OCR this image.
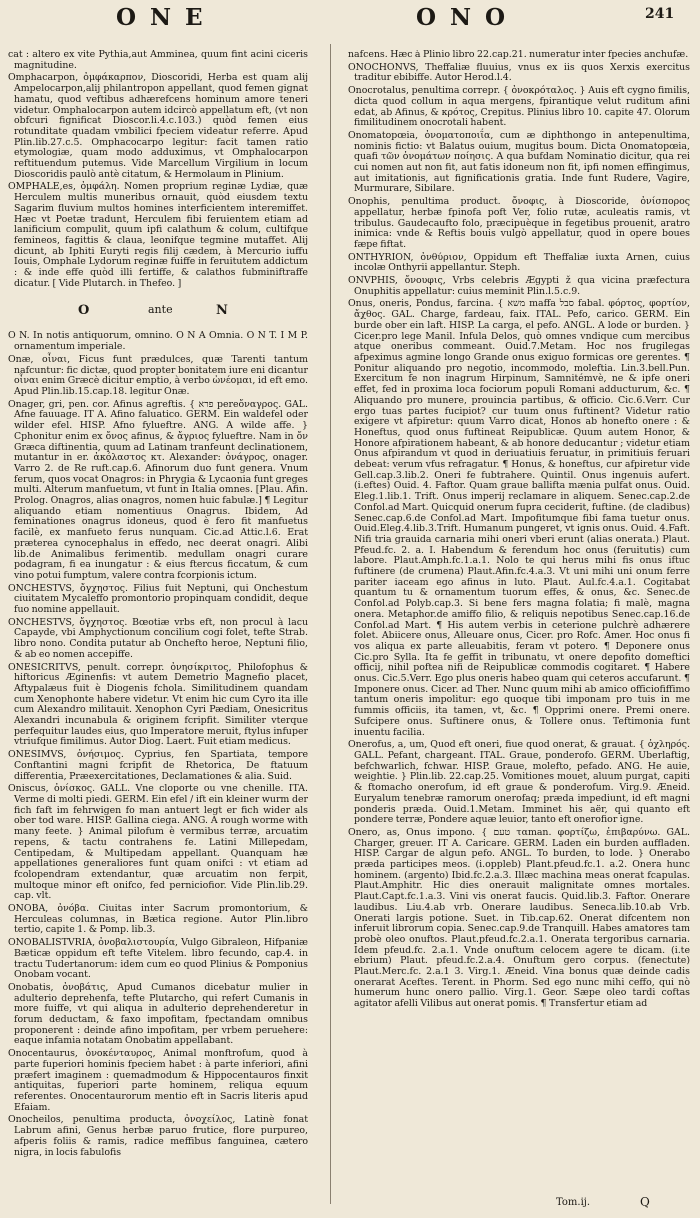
ONE	ONO	241

cat : altero ex vite Pythia,aut Amminea, quum fint acini ciceris magnitudine.

Omphacarpon, ὀμφάκαρπον, Dioscoridi, Herba est quam alij Ampelocarpon,alij philantropon appellant, quod femen gignat hamatu, quod veftibus adhærefcens hominum amore teneri videtur. Omphalocarpon autem idcircò appellatum eft, (vt non obfcuri fignificat Dioscor.li.4.c.103.) quòd femen eius rotunditate quadam vmbilici fpeciem videatur referre. Apud Plin.lib.27.c.5. Omphacocarpo legitur: facit tamen ratio etymologiæ, quam modo adduximus, vt Omphalocarpon reftituendum putemus. Vide Marcellum Virgilium in locum Dioscoridis paulò antè citatum, & Hermolaum in Plinium.

OMPHALE,es, ὀμφάλη. Nomen proprium reginæ Lydiæ, quæ Herculem multis muneribus ornauit, quòd eiusdem textu Sagarim fluvium multos homines interficientem interemiffet. Hæc vt Poetæ tradunt, Herculem fibi feruientem etiam ad lanificium compulit, quum ipfi calathum & colum, cultifque femineos, fagittis & claua, leonifque tegmine mutaffet. Alij dicunt, ab Iphiti Euryti regis filij cædem, à Mercurio iuffu Iouis, Omphale Lydorum reginæ fuiffe in feruitutem addictum : & inde effe quòd illi fertiffe, & calathos fubminiftraffe dicatur. [ Vide Plutarch. in Thefeo. ]

O	ante	N

O N. In notis antiquorum, omnino. O N A Omnia. O N T. I M P. ornamentum imperiale.

Onæ, οἶναι, Ficus funt prædulces, quæ Tarenti tantum nafcuntur: fic dictæ, quod propter bonitatem iure eni dicantur οἶναι enim Græcè dicitur emptio, à verbo ὠνέομαι, id eft emo. Apud Plin.lib.15.cap.18. legitur Onæ.

Onager, gri, pen. cor. Afinus agreftis. { פרא pereὄναγρος. GAL. Afne fauuage. IT A. Afino faluatico. GERM. Ein waldefel oder wilder efel. HISP. Afno fylueftre. ANG. A wilde affe. } Cphonitur enim ex ὄνος afinus, & ἄγριος fylueftre. Nam in ὄν Græca diftinentia, quum ad Latinam tranfeunt declinationem, mutantur in er. ἀκόλαστος κτ. Alexander: ὀνάγρος, onager. Varro 2. de Re ruft.cap.6. Afinorum duo funt genera. Vnum ferum, quos vocat Onagros: in Phrygia & Lycaonia funt greges multi. Alterum manfuetum, vt funt in Italia omnes. [Plau. Afin. Prolog. Onagros, alias onagros, nomen huic fabulæ.] ¶ Legitur aliquando etiam nomentiuus Onagrus. Ibidem, Ad feminationes onagrus idoneus, quod è fero fit manfuetus facilè, ex manfueto ferus nunquam. Cic.ad Attic.l.6. Erat præterea cynocephalus in effedo, nec deerat onagri. Alibi lib.de Animalibus ferimentib. medullam onagri curare podagram, fi ea inungatur : & eius ftercus ficcatum, & cum vino potui fumptum, valere contra fcorpionis ictum.

ONCHESTVS, ὄγχηστος. Filius fuit Neptuni, qui Onchestum ciuitatem Mycaleffo promontorio propinquam condidit, deque fuo nomine appellauit.

ONCHESTVS, ὄγχηστος. Bœotiæ vrbs eft, non procul à lacu Capayde, vbi Amphyctionum concilium cogi folet, tefte Strab. libro nono. Condita putatur ab Onchefto heroe, Neptuni filio, & ab eo nomen accepiffe.

ONESICRITVS, penult. correpr. ὀνησίκριτος, Philofophus & hiftoricus Æginenfis: vt autem Demetrio Magnefio placet, Aftypalæus fuit è Diogenis fchola. Similitudinem quandam cum Xenophonte habere videtur. Vt enim hic cum Cyro ita ille cum Alexandro militauit. Xenophon Cyri Pædiam, Onesicritus Alexandri incunabula & originem fcripfit. Similiter vterque perfequitur laudes eius, quo Imperatore meruit, ftylus infuper vtriufque fimilimus. Autor Diog. Laert. Fuit etiam medicus.

ONESIMVS, ὀνήσιμος. Cyprius, fen Spartiata, tempore Conftantini magni fcripfit de Rhetorica, De ftatuum differentia, Præexercitationes, Declamationes & alia. Suid.

Oniscus, ὀνίσκος. GALL. Vne cloporte ou vne chenille. ITA. Verme di molti piedi. GERM. Ein efel / ift ein kleiner wurm der fich faft im fehrwigen fo man antuert legt er fich wider als ober tod ware. HISP. Gallina ciega. ANG. A rough worme with many feete. } Animal pilofum è vermibus terræ, arcuatim repens, & tactu contrahens fe. Latini Millepedam, Centipedam, & Multipedam appellant. Quanquam hæ appellationes generaliores funt quam onifci : vt etiam ad fcolopendram extendantur, quæ arcuatim non ferpit, multoque minor eft onifco, fed perniciofior. Vide Plin.lib.29. cap. vlt.

ONOBA, ὀνόβα. Ciuitas inter Sacrum promontorium, & Herculeas columnas, in Bætica regione. Autor Plin.libro tertio, capite 1. & Pomp. lib.3.

ONOBALISTVRIA, ὀνοβαλιστουρία, Vulgo Gibraleon, Hifpaniæ Bæticæ oppidum eft tefte Vitelem. libro fecundo, cap.4. in tractu Tudertanorum: idem cum eo quod Plinius & Pomponius Onobam vocant.

Onobatis, ὀνοβάτις, Apud Cumanos dicebatur mulier in adulterio deprehenfa, tefte Plutarcho, qui refert Cumanis in more fuiffe, vt qui aliqua in adulterio deprehenderetur in forum deductam, & faxo impofitam, fpectandam omnibus proponerent : deinde afino impofitam, per vrbem peruehere: eaque infamia notatam Onobatim appellabant.

Onocentaurus, ὀνοκένταυρος, Animal monftrofum, quod à parte fuperiori hominis fpeciem habet : à parte inferiori, afini præfert imaginem : quemadmodum & Hippocentauros finxit antiquitas, fuperiori parte hominem, reliqua equum referentes. Onocentaurorum mentio eft in Sacris literis apud Efaiam.

Onocheilos, penultima producta, ὀνοχείλος, Latinè fonat Labrum afini, Genus herbæ paruo frutice, flore purpureo, afperis foliis & ramis, radice meffibus fanguinea, cætero nigra, in locis fabulofis

nafcens. Hæc à Plinio libro 22.cap.21. numeratur inter fpecies anchufæ.

ONOCHONVS, Theffaliæ fluuius, vnus ex iis quos Xerxis exercitus traditur ebibiffe. Autor Herod.l.4.

Onocrotalus, penultima correpr. { ὀνοκρόταλος. } Auis eft cygno fimilis, dicta quod collum in aqua mergens, fpirantique velut ruditum afini edat, ab Afinus, & κρότος, Crepitus. Plinius libro 10. capite 47. Olorum fimilitudinem onocrotali habent.

Onomatopœia, ὀνοματοποιΐα, cum æ diphthongo in antepenultima, nominis fictio: vt Balatus ouium, mugitus boum. Dicta Onomatopœia, quafi τῶν ὀνομάτων ποίησις. A qua bufdam Nominatio dicitur, qua rei cui nomen aut non fit, aut fatis idoneum non fit, ipfi nomen effingimus, aut imitationis, aut fignificationis gratia. Inde funt Rudere, Vagire, Murmurare, Sibilare.

Onophis, penultima product. ὄνοφις, à Dioscoride, ὀνίσπορος appellatur, herbæ fpinofa poft Ver, folio rutæ, aculeatis ramis, vt tribulus. Gaudecaufto folo, præcipuèque in fegetibus prouenit, aratro inimica: vnde & Reftis bouis vulgò appellatur, quod in opere boues fæpe fiftat.

ONTHYRION, ὀνθύριον, Oppidum eft Theffaliæ iuxta Arnen, cuius incolæ Onthyrii appellantur. Steph.

ONVPHIS, ὄνουφις, Vrbs celebris Ægypti ž qua vicina præfectura Onuphitis appellatur: cuius meminit Plin.l.5.c.9.

Onus, oneris, Pondus, farcina. { משא maffa סבל fabal. φόρτος, φορτίον, ἄχθος. GAL. Charge, fardeau, faix. ITAL. Pefo, carico. GERM. Ein burde ober ein laft. HISP. La carga, el pefo. ANGL. A lode or burden. } Cicer.pro lege Manil. Infula Delos, quò omnes vndique cum mercibus atque oneribus commeant. Ouid.7.Metam. Hoc nos frugilegas afpeximus agmine longo Grande onus exiguo formicas ore gerentes. ¶ Ponitur aliquando pro negotio, incommodo, moleftia. Lin.3.bell.Pun. Exercitum fe non inagrum Hirpinum, Samnitémvè, ne & ipfe oneri effet, fed in proxima loca fociorum populi Romani adducturum, &c. ¶ Aliquando pro munere, prouincia partibus, & officio. Cic.6.Verr. Cur ergo tuas partes fucipiot? cur tuum onus fuftinent? Videtur ratio exigere vt afpiretur: quum Varro dicat, Honos ab honefto onere : & Honeftus, quod onus fuftineat Reipublicæ. Quum autem Honor, & Honore afpirationem habeant, & ab honore deducantur ; videtur etiam Onus afpirandum vt quod in deriuatiuis feruatur, in primitiuis feruari debeat: verum vfus refragatur. ¶ Honus, & honeftus, cur afpiretur vide Gell.cap.3.lib.2. Oneri fe fubtrahere. Quintil. Onus ingenuis aufert. (i.eftes) Ouid. 4. Faftor. Quam graue ballifta mænia pulfat onus. Ouid. Eleg.1.lib.1. Trift. Onus imperij reclamare in aliquem. Senec.cap.2.de Confol.ad Mart. Quicquid onerum fupra ceciderit, fuftine. (de cladibus) Senec.cap.6.de Confol.ad Mart. Impofitumque fibi fama tuetur onus. Ouid.Eleg.4.lib.3.Trift. Humanum pungeret, vt ignis onus. Ouid. 4.Faft. Nifi tria grauida carnaria mihi oneri vberi erunt (alias onerata.) Plaut. Pfeud.fc. 2. a. I. Habendum & ferendum hoc onus (feruitutis) cum labore. Plaut.Amph.fc.1.a.1. Nolo te qui herus mihi fis onus iftuc fuftinere (de crumena) Plaut.Afin.fc.4.a.3. Vt uni mihi uni onum ferre pariter iaceam ego afinus in luto. Plaut. Aul.fc.4.a.1. Cogitabat quantum tu & ornamentum tuorum effes, & onus, &c. Senec.de Confol.ad Polyb.cap.3. Si bene fers magna folatia; fi malè, magna onera. Metaphor.de amiffo filio, & reliquis nepotibus Senec.cap.16.de Confol.ad Mart. ¶ His autem verbis in ceterione pulchrè adhærere folet. Abiicere onus, Alleuare onus, Cicer. pro Rofc. Amer. Hoc onus fi vos aliqua ex parte alleuabitis, feram vt potero. ¶ Deponere onus Cic.pro Sylla. Ita fe geffit in tribunatu, vt onere depofito domeftici officij, nihil poftea nifi de Reipublicæ commodis cogitaret. ¶ Habere onus. Cic.5.Verr. Ego plus oneris habeo quam qui ceteros accufarunt. ¶ Imponere onus. Cicer. ad Ther. Nunc quum mihi ab amico officiofiffimo tantum oneris impolitur: ego quoque tibi imponam pro tuis in me fummis officiis, ita tamen, vt, &c. ¶ Opprimi onere. Premi onere. Sufcipere onus. Suftinere onus, & Tollere onus. Teftimonia funt inuentu facilia.

Onerofus, a, um, Quod eft oneri, fiue quod onerat, & grauat. { ὀχληρός. GALL. Pefant, chargeant. ITAL. Graue, ponderofo. GERM. Uberlaftig, befchwarlich, fchwar. HISP. Graue, molefto, pefado. ANG. He auie, weightie. } Plin.lib. 22.cap.25. Vomitiones mouet, aluum purgat, capiti & ftomacho onerofum, id eft graue & ponderofum. Virg.9. Æneid. Euryalum tenebræ ramorum onerofaq; præda impediunt, id eft magni ponderis præda. Ouid.1.Metam. Imminet his aër, qui quanto eft pondere terræ, Pondere aquæ leuior, tanto eft onerofior igne.

Onero, as, Onus impono. { טעם ταman. φορτίζω, ἐπιβαρύνω. GAL. Charger, greuer. IT A. Caricare. GERM. Laden ein burden auffladen. HISP. Cargar de algun pefo. ANGL. To burden, to lode. } Onerabo præda participes meos. (i.oppleb) Plant.pfeud.fc.1. a.2. Onera hunc hominem. (argento) Ibid.fc.2.a.3. Illæc machina meas onerat fcapulas. Plaut.Amphitr. Hic dies onerauit malignitate omnes mortales. Plaut.Capt.fc.1.a.3. Vini vis onerat faucis. Quid.lib.3. Faftor. Onerare laudibus. Liu.4.ab vrb. Onerare laudibus. Seneca.lib.10.ab Vrb. Onerati largis potione. Suet. in Tib.cap.62. Onerat difcentem non inferuit librorum copia. Senec.cap.9.de Tranquill. Habes amatores tam probè oleo onuftos. Plaut.pfeud.fc.2.a.1. Onerata tergoribus carnaria. Idem pfeud.fc. 2.a.1. Vnde onuftum celocem agere te dicam. (i.te ebrium) Plaut. pfeud.fc.2.a.4. Onuftum gero corpus. (fenectute) Plaut.Merc.fc. 2.a.1 3. Virg.1. Æneid. Vina bonus quæ deinde cadis onerarat Aceftes. Terent. in Phorm. Sed ego nunc mihi ceffo, qui nò humerum hunc onero pallio. Virg.1. Geor. Sæpe oleo tardi coftas agitator afelli Vilibus aut onerat pomis. ¶ Transfertur etiam ad

Tom.ij.	Q
